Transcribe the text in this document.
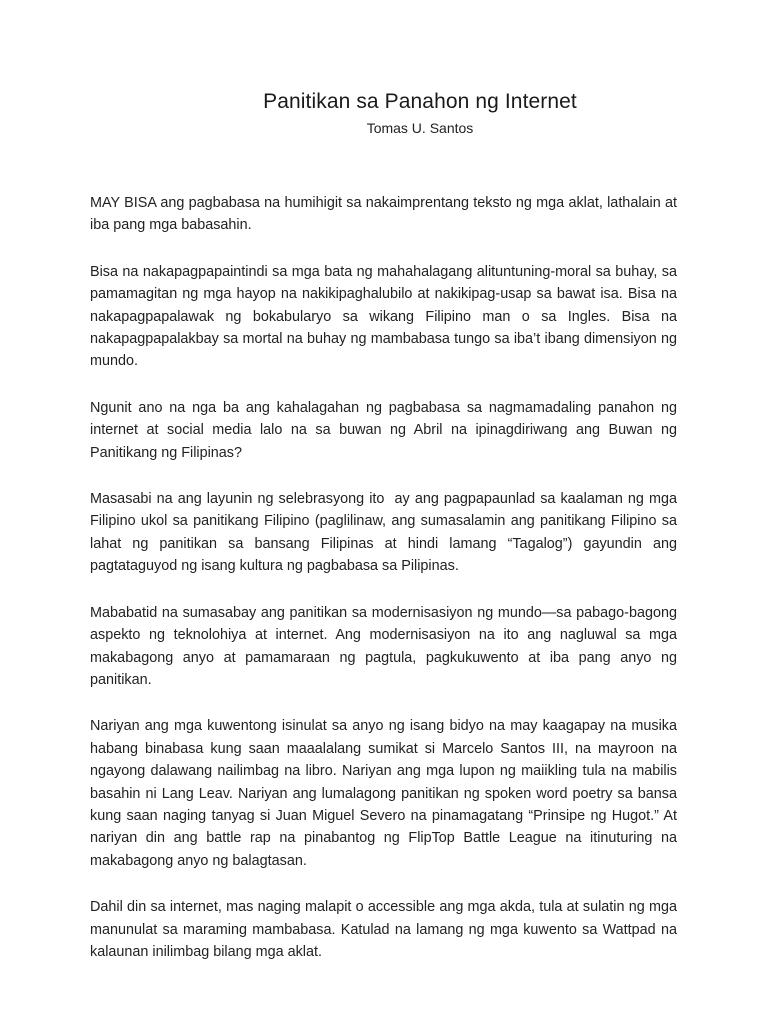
Panitikan sa Panahon ng Internet

Tomas U. Santos

MAY BISA ang pagbabasa na humihigit sa nakaimprentang teksto ng mga aklat, lathalain at iba pang mga babasahin.

Bisa na nakapagpapaintindi sa mga bata ng mahahalagang alituntuning-moral sa buhay, sa pamamagitan ng mga hayop na nakikipaghalubilo at nakikipag-usap sa bawat isa. Bisa na nakapagpapalawak ng bokabularyo sa wikang Filipino man o sa Ingles. Bisa na nakapagpapalakbay sa mortal na buhay ng mambabasa tungo sa iba’t ibang dimensiyon ng mundo.

Ngunit ano na nga ba ang kahalagahan ng pagbabasa sa nagmamadaling panahon ng internet at social media lalo na sa buwan ng Abril na ipinagdiriwang ang Buwan ng Panitikang ng Filipinas?

Masasabi na ang layunin ng selebrasyong ito  ay ang pagpapaunlad sa kaalaman ng mga Filipino ukol sa panitikang Filipino (paglilinaw, ang sumasalamin ang panitikang Filipino sa lahat ng panitikan sa bansang Filipinas at hindi lamang “Tagalog”) gayundin ang pagtataguyod ng isang kultura ng pagbabasa sa Pilipinas.

Mababatid na sumasabay ang panitikan sa modernisasiyon ng mundo—sa pabago-bagong aspekto ng teknolohiya at internet. Ang modernisasiyon na ito ang nagluwal sa mga makabagong anyo at pamamaraan ng pagtula, pagkukuwento at iba pang anyo ng panitikan.

Nariyan ang mga kuwentong isinulat sa anyo ng isang bidyo na may kaagapay na musika habang binabasa kung saan maaalalang sumikat si Marcelo Santos III, na mayroon na ngayong dalawang nailimbag na libro. Nariyan ang mga lupon ng maiikling tula na mabilis basahin ni Lang Leav. Nariyan ang lumalagong panitikan ng spoken word poetry sa bansa kung saan naging tanyag si Juan Miguel Severo na pinamagatang “Prinsipe ng Hugot.” At nariyan din ang battle rap na pinabantog ng FlipTop Battle League na itinuturing na makabagong anyo ng balagtasan.

Dahil din sa internet, mas naging malapit o accessible ang mga akda, tula at sulatin ng mga manunulat sa maraming mambabasa. Katulad na lamang ng mga kuwento sa Wattpad na kalaunan inilimbag bilang mga aklat.
